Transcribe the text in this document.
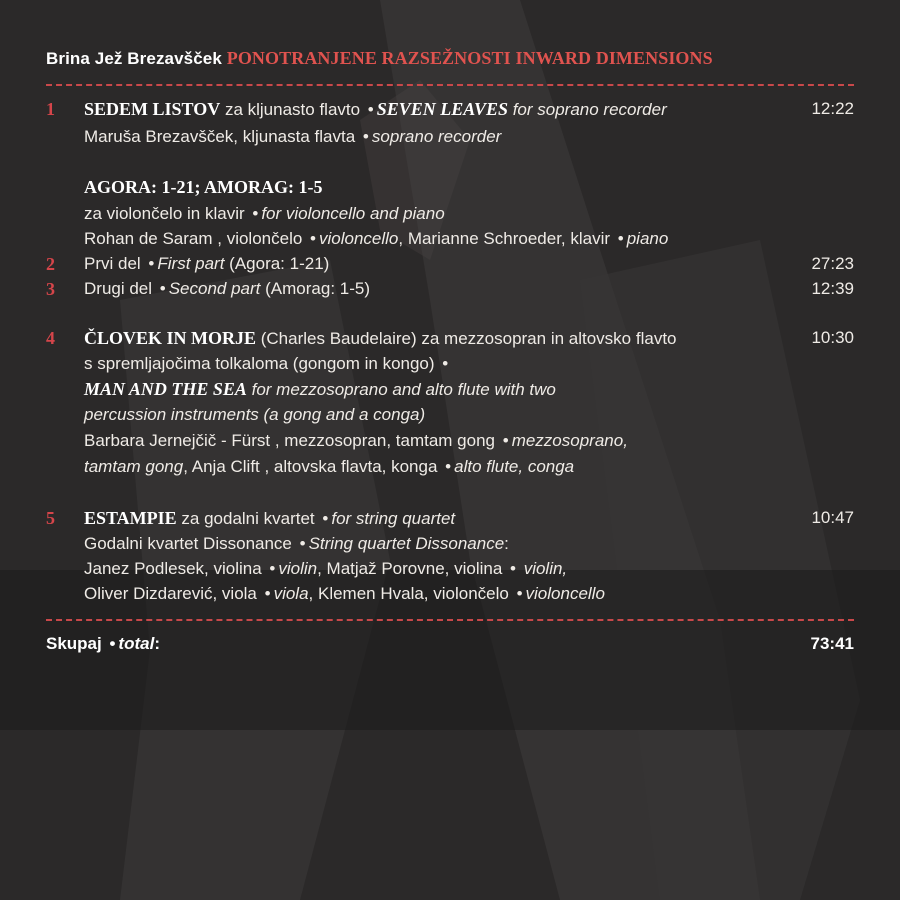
Brina Jež Brezavšček PONOTRANJENE RAZSEŽNOSTI INWARD DIMENSIONS
1 SEDEM LISTOV za kljunasto flavto • SEVEN LEAVES for soprano recorder	12:22
Maruša Brezavšček, kljunasta flavta • soprano recorder
AGORA: 1-21; AMORAG: 1-5
za violončelo in klavir • for violoncello and piano
Rohan de Saram , violončelo • violoncello, Marianne Schroeder, klavir • piano
2 Prvi del • First part (Agora: 1-21)	27:23
3 Drugi del • Second part (Amorag: 1-5)	12:39
4 ČLOVEK IN MORJE (Charles Baudelaire) za mezzosopran in altovsko flavto	10:30
s spremljajočima tolkaloma (gongom in kongo) •
MAN AND THE SEA for mezzosoprano and alto flute with two
percussion instruments (a gong and a conga)
Barbara Jernejčič - Fürst , mezzosopran, tamtam gong • mezzosoprano,
tamtam gong, Anja Clift , altovska flavta, konga • alto flute, conga
5 ESTAMPIE za godalni kvartet • for string quartet	10:47
Godalni kvartet Dissonance • String quartet Dissonance:
Janez Podlesek, violina • violin, Matjaž Porovne, violina • violin,
Oliver Dizdarević, viola • viola, Klemen Hvala, violončelo • violoncello
Skupaj • total:	73:41
